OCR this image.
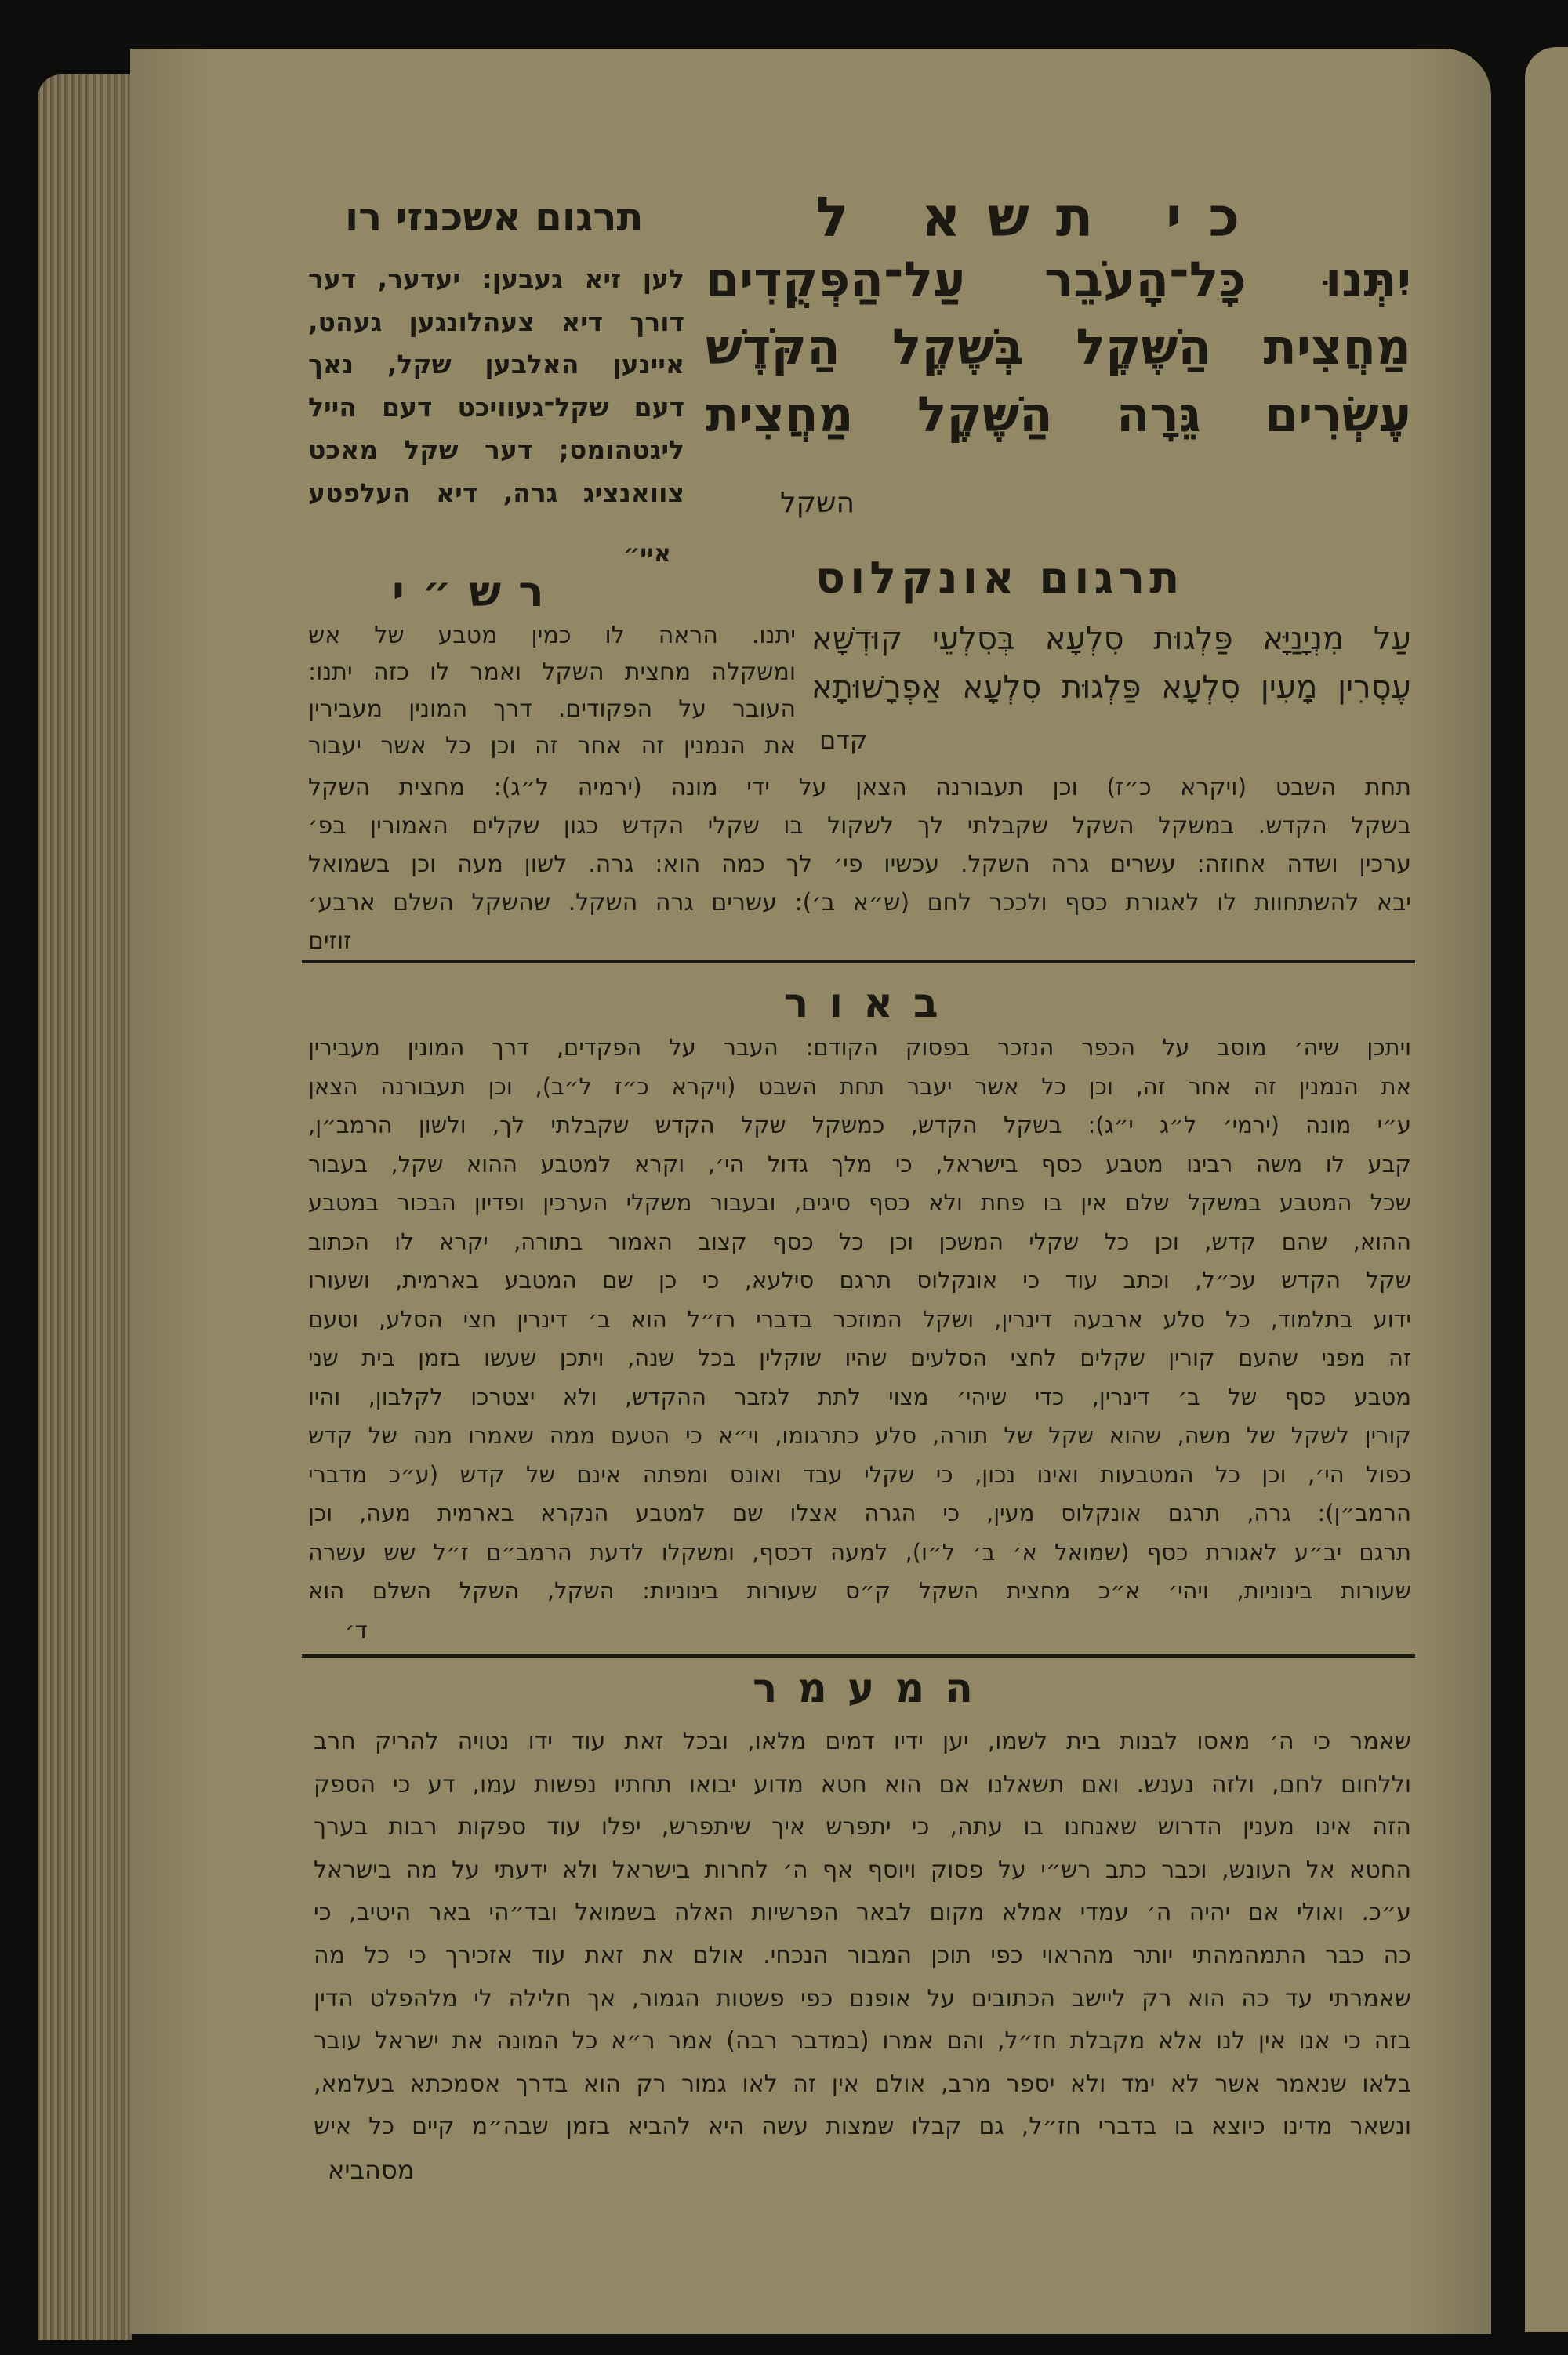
כי תשא ל
תרגום אשכנזי רו
יִתְּנוּ כָּל־הָעֹבֵר עַל־הַפְּקֻדִים
מַחֲצִית הַשֶּׁקֶל בְּשֶׁקֶל הַקֹּדֶשׁ
עֶשְׂרִים גֵּרָה הַשֶּׁקֶל מַחֲצִית
השקל
לען זיא געבען: יעדער, דער
דורך דיא צעהלונגען געהט,
איינען האלבען שקל, נאך
דעם שקל־געוויכט דעם הייל
ליגטהומס; דער שקל מאכט
צוואנציג גרה, דיא העלפטע
איי״	תרגום אונקלוס
עַל מִנְיָנַיָּא פַּלְגוּת סִלְעָא בְּסִלְעֵי קוּדְשָׁא
עֶסְרִין מָעִין סִלְעָא פַּלְגוּת סִלְעָא אַפְרָשׁוּתָא
קדם
רש״י
יתנו. הראה לו כמין מטבע של אש
ומשקלה מחצית השקל ואמר לו כזה יתנו:
העובר על הפקודים. דרך המונין מעבירין
את הנמנין זה אחר זה וכן כל אשר יעבור
תחת השבט (ויקרא כ״ז) וכן תעבורנה הצאן על ידי מונה (ירמיה ל״ג): מחצית השקל
בשקל הקדש. במשקל השקל שקבלתי לך לשקול בו שקלי הקדש כגון שקלים האמורין בפ׳
ערכין ושדה אחוזה: עשרים גרה השקל. עכשיו פי׳ לך כמה הוא: גרה. לשון מעה וכן בשמואל
יבא להשתחוות לו לאגורת כסף ולככר לחם (ש״א ב׳): עשרים גרה השקל. שהשקל השלם ארבע׳
זוזים
באור
ויתכן שיה׳ מוסב על הכפר הנזכר בפסוק הקודם: העבר על הפקדים, דרך המונין מעבירין
את הנמנין זה אחר זה, וכן כל אשר יעבר תחת השבט (ויקרא כ״ז ל״ב), וכן תעבורנה הצאן
ע״י מונה (ירמי׳ ל״ג י״ג): בשקל הקדש, כמשקל שקל הקדש שקבלתי לך, ולשון הרמב״ן,
קבע לו משה רבינו מטבע כסף בישראל, כי מלך גדול הי׳, וקרא למטבע ההוא שקל, בעבור
שכל המטבע במשקל שלם אין בו פחת ולא כסף סיגים, ובעבור משקלי הערכין ופדיון הבכור במטבע
ההוא, שהם קדש, וכן כל שקלי המשכן וכן כל כסף קצוב האמור בתורה, יקרא לו הכתוב
שקל הקדש עכ״ל, וכתב עוד כי אונקלוס תרגם סילעא, כי כן שם המטבע בארמית, ושעורו
ידוע בתלמוד, כל סלע ארבעה דינרין, ושקל המוזכר בדברי רז״ל הוא ב׳ דינרין חצי הסלע, וטעם
זה מפני שהעם קורין שקלים לחצי הסלעים שהיו שוקלין בכל שנה, ויתכן שעשו בזמן בית שני
מטבע כסף של ב׳ דינרין, כדי שיהי׳ מצוי לתת לגזבר ההקדש, ולא יצטרכו לקלבון, והיו
קורין לשקל של משה, שהוא שקל של תורה, סלע כתרגומו, וי״א כי הטעם ממה שאמרו מנה של קדש
כפול הי׳, וכן כל המטבעות ואינו נכון, כי שקלי עבד ואונס ומפתה אינם של קדש (ע״כ מדברי
הרמב״ן): גרה, תרגם אונקלוס מעין, כי הגרה אצלו שם למטבע הנקרא בארמית מעה, וכן
תרגם יב״ע לאגורת כסף (שמואל א׳ ב׳ ל״ו), למעה דכסף, ומשקלו לדעת הרמב״ם ז״ל שש עשרה
שעורות בינוניות, ויהי׳ א״כ מחצית השקל ק״ס שעורות בינוניות: השקל, השקל השלם הוא
ד׳
המעמר
שאמר כי ה׳ מאסו לבנות בית לשמו, יען ידיו דמים מלאו, ובכל זאת עוד ידו נטויה להריק חרב
וללחום לחם, ולזה נענש. ואם תשאלנו אם הוא חטא מדוע יבואו תחתיו נפשות עמו, דע כי הספק
הזה אינו מענין הדרוש שאנחנו בו עתה, כי יתפרש איך שיתפרש, יפלו עוד ספקות רבות בערך
החטא אל העונש, וכבר כתב רש״י על פסוק ויוסף אף ה׳ לחרות בישראל ולא ידעתי על מה בישראל
ע״כ. ואולי אם יהיה ה׳ עמדי אמלא מקום לבאר הפרשיות האלה בשמואל ובד״הי באר היטיב, כי
כה כבר התמהמהתי יותר מהראוי כפי תוכן המבור הנכחי. אולם את זאת עוד אזכירך כי כל מה
שאמרתי עד כה הוא רק ליישב הכתובים על אופנם כפי פשטות הגמור, אך חלילה לי מלהפלט הדין
בזה כי אנו אין לנו אלא מקבלת חז״ל, והם אמרו (במדבר רבה) אמר ר״א כל המונה את ישראל עובר
בלאו שנאמר אשר לא ימד ולא יספר מרב, אולם אין זה לאו גמור רק הוא בדרך אסמכתא בעלמא,
ונשאר מדינו כיוצא בו בדברי חז״ל, גם קבלו שמצות עשה היא להביא בזמן שבה״מ קיים כל איש
מסהביא
